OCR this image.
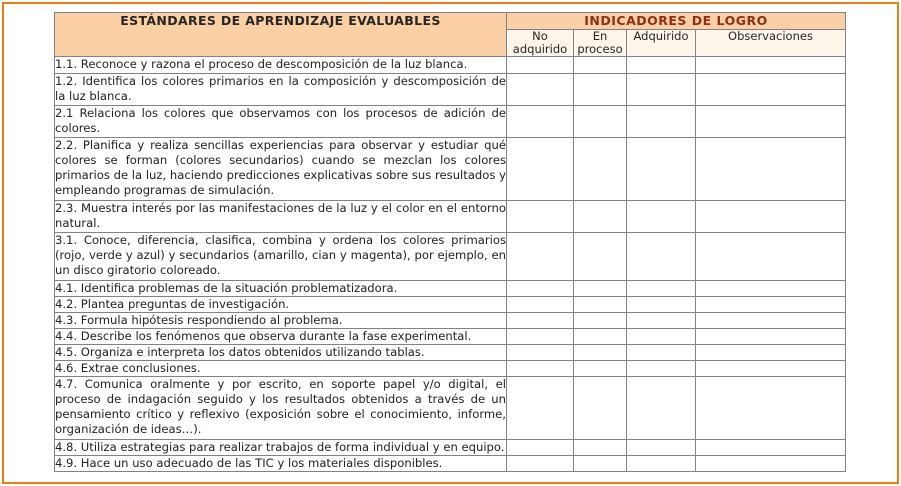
ESTÁNDARES DE APRENDIZAJE EVALUABLES	INDICADORES DE LOGRO			
	No adquirido	En proceso	Adquirido	Observaciones
1.1. Reconoce y razona el proceso de descomposición de la luz blanca.				
1.2. Identifica los colores primarios en la composición y descomposición de la luz blanca.				
2.1 Relaciona los colores que observamos con los procesos de adición de colores.				
2.2. Planifica y realiza sencillas experiencias para observar y estudiar qué colores se forman (colores secundarios) cuando se mezclan los colores primarios de la luz, haciendo predicciones explicativas sobre sus resultados y empleando programas de simulación.				
2.3. Muestra interés por las manifestaciones de la luz y el color en el entorno natural.				
3.1. Conoce, diferencia, clasifica, combina y ordena los colores primarios (rojo, verde y azul) y secundarios (amarillo, cian y magenta), por ejemplo, en un disco giratorio coloreado.				
4.1. Identifica problemas de la situación problematizadora.				
4.2. Plantea preguntas de investigación.				
4.3. Formula hipótesis respondiendo al problema.				
4.4. Describe los fenómenos que observa durante la fase experimental.				
4.5. Organiza e interpreta los datos obtenidos utilizando tablas.				
4.6. Extrae conclusiones.				
4.7. Comunica oralmente y por escrito, en soporte papel y/o digital, el proceso de indagación seguido y los resultados obtenidos a través de un pensamiento crítico y reflexivo (exposición sobre el conocimiento, informe, organización de ideas…).				
4.8. Utiliza estrategias para realizar trabajos de forma individual y en equipo.				
4.9. Hace un uso adecuado de las TIC y los materiales disponibles.				
